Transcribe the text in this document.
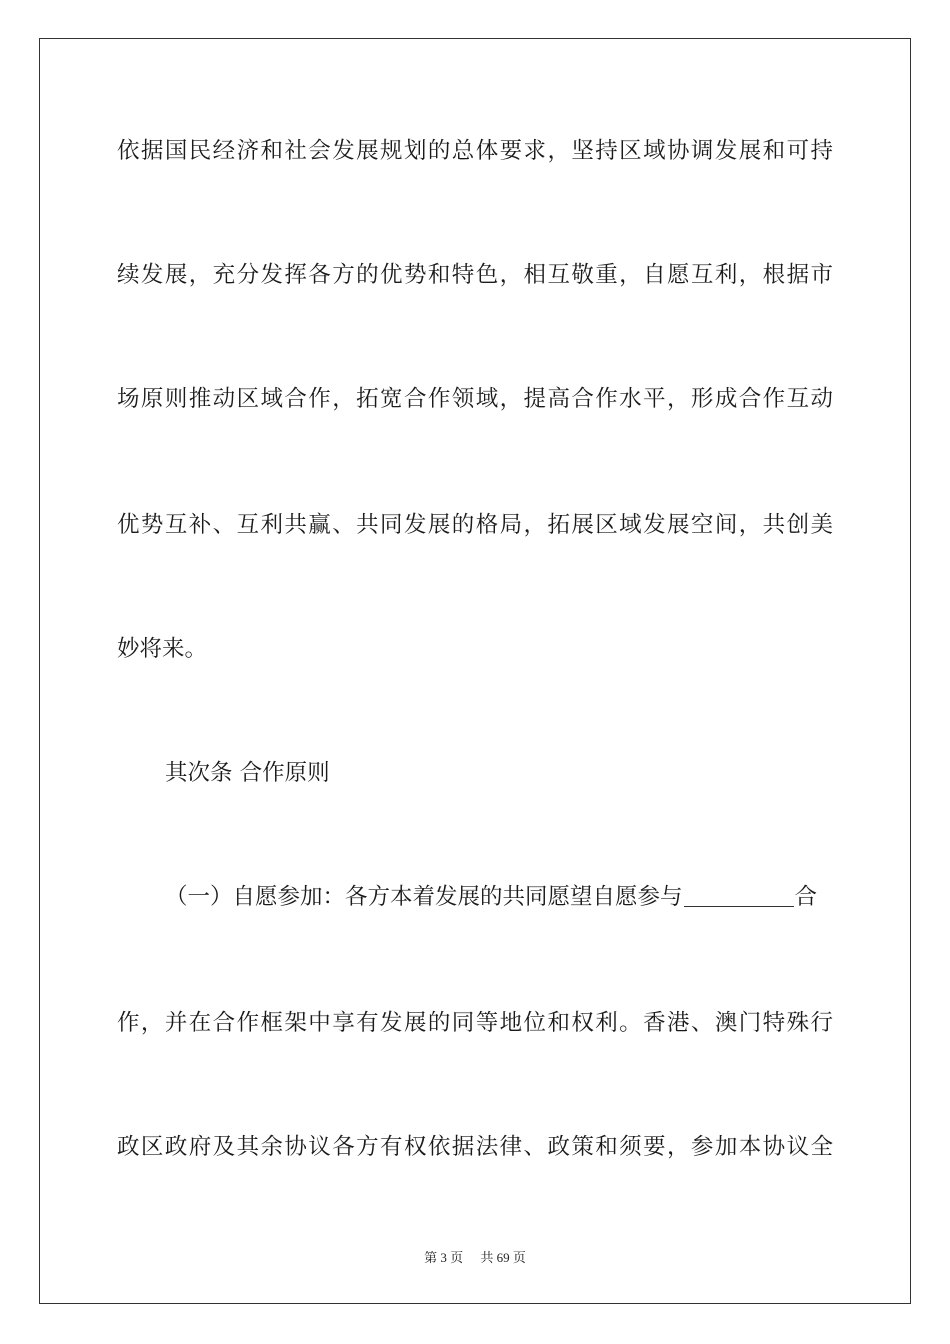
依据国民经济和社会发展规划的总体要求，坚持区域协调发展和可持
续发展，充分发挥各方的优势和特色，相互敬重，自愿互利，根据市
场原则推动区域合作，拓宽合作领域，提高合作水平，形成合作互动
优势互补、互利共赢、共同发展的格局，拓展区域发展空间，共创美
妙将来。
其次条 合作原则
（一）自愿参加：各方本着发展的共同愿望自愿参与	合
作，并在合作框架中享有发展的同等地位和权利。香港、澳门特殊行
政区政府及其余协议各方有权依据法律、政策和须要，参加本协议全
第 3 页 共 69 页
